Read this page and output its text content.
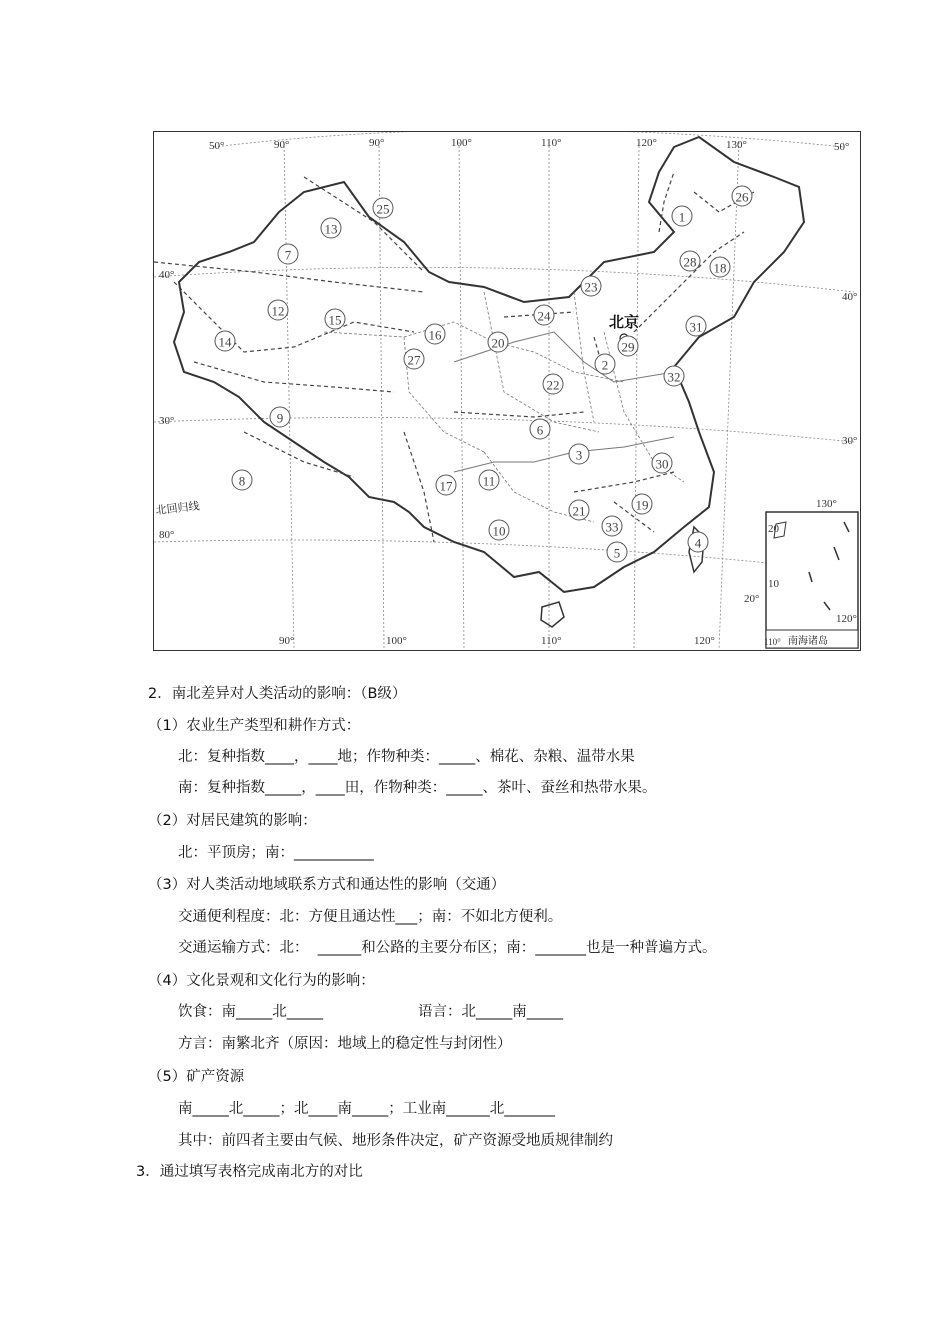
北京
北回归线
50°	90°	90°	100°	110°	120°	130°	50°
40°
30°
80°
40°
30°
20°
90°	100°	110°	120°	南海诸岛
20
10
110°
120°
130°
1
2
3
4
5
6
7
8
9
10
11
12
13
14
15
16
17
18
19
20
21
22
23
24
25
26
27
28
29
30
31
32
33
2．南北差异对人类活动的影响：（B级）
（1）农业生产类型和耕作方式：
北：复种指数____，____地；作物种类：_____、棉花、杂粮、温带水果
南：复种指数_____，____田，作物种类：_____、茶叶、蚕丝和热带水果。
（2）对居民建筑的影响：
北：平顶房；南：___________
（3）对人类活动地域联系方式和通达性的影响（交通）
交通便利程度：北：方便且通达性___；南：不如北方便利。
交通运输方式：北：  ______和公路的主要分布区；南：_______也是一种普遍方式。
（4）文化景观和文化行为的影响：
饮食：南_____北_____	语言：北_____南_____
方言：南繁北齐（原因：地域上的稳定性与封闭性）
（5）矿产资源
南_____北_____；北____南_____；工业南______北_______
其中：前四者主要由气候、地形条件决定，矿产资源受地质规律制约
3．通过填写表格完成南北方的对比
